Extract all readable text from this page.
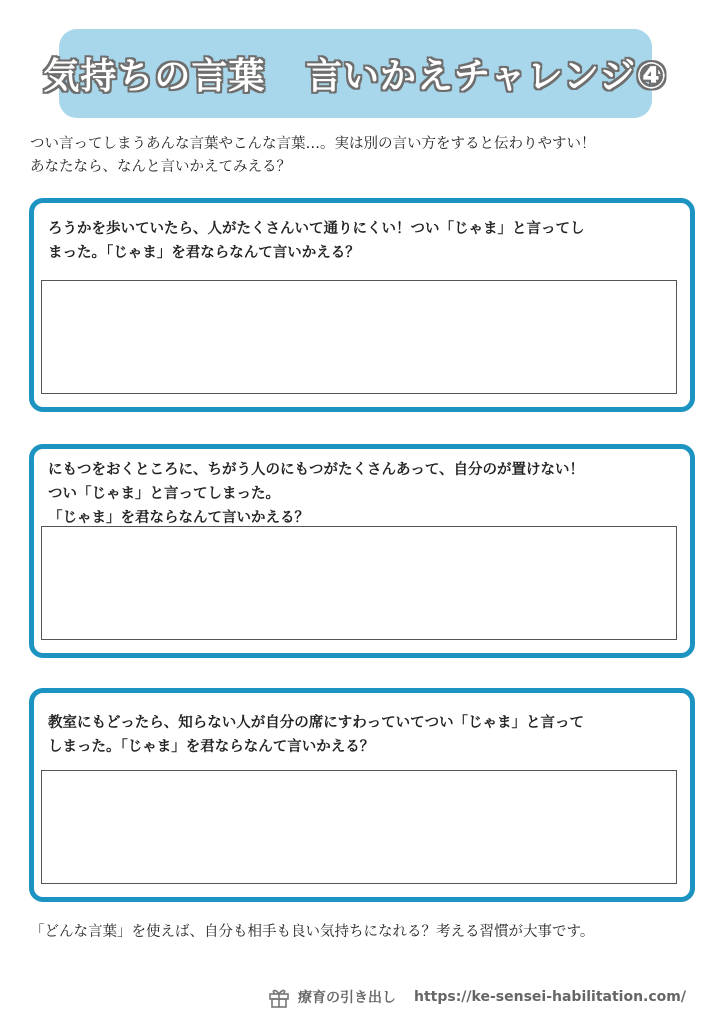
気持ちの言葉 言いかえチャレンジ④

つい言ってしまうあんな言葉やこんな言葉…。実は別の言い方をすると伝わりやすい！

あなたなら、なんと言いかえてみえる？

ろうかを歩いていたら、人がたくさんいて通りにくい！つい「じゃま」と言ってし

まった。「じゃま」を君ならなんて言いかえる？

にもつをおくところに、ちがう人のにもつがたくさんあって、自分のが置けない！

つい「じゃま」と言ってしまった。

「じゃま」を君ならなんて言いかえる？

教室にもどったら、知らない人が自分の席にすわっていてつい「じゃま」と言って

しまった。「じゃま」を君ならなんて言いかえる？

「どんな言葉」を使えば、自分も相手も良い気持ちになれる？考える習慣が大事です。
療育の引き出し https://ke-sensei-habilitation.com/
